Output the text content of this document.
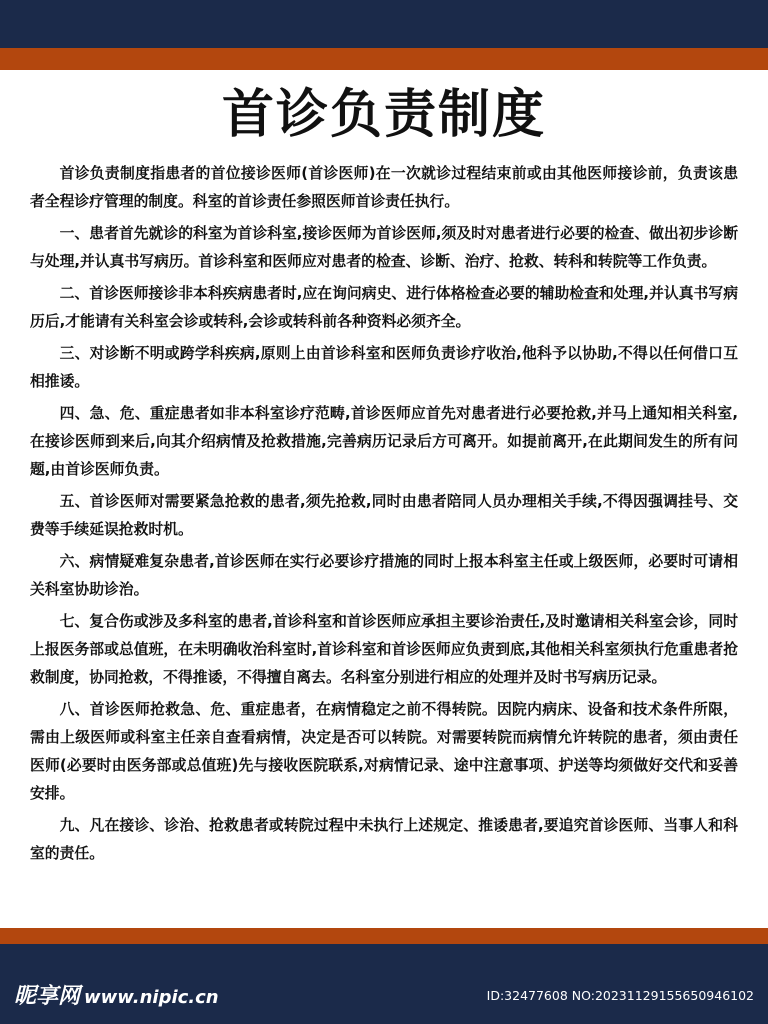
首诊负责制度

首诊负责制度指患者的首位接诊医师(首诊医师)在一次就诊过程结束前或由其他医师接诊前，负责该患者全程诊疗管理的制度。科室的首诊责任参照医师首诊责任执行。

一、患者首先就诊的科室为首诊科室,接诊医师为首诊医师,须及时对患者进行必要的检查、做出初步诊断与处理,并认真书写病历。首诊科室和医师应对患者的检查、诊断、治疗、抢救、转科和转院等工作负责。

二、首诊医师接诊非本科疾病患者时,应在询问病史、进行体格检查必要的辅助检查和处理,并认真书写病历后,才能请有关科室会诊或转科,会诊或转科前各种资料必须齐全。

三、对诊断不明或跨学科疾病,原则上由首诊科室和医师负责诊疗收治,他科予以协助,不得以任何借口互相推诿。

四、急、危、重症患者如非本科室诊疗范畴,首诊医师应首先对患者进行必要抢救,并马上通知相关科室,在接诊医师到来后,向其介绍病情及抢救措施,完善病历记录后方可离开。如提前离开,在此期间发生的所有问题,由首诊医师负责。

五、首诊医师对需要紧急抢救的患者,须先抢救,同时由患者陪同人员办理相关手续,不得因强调挂号、交费等手续延误抢救时机。

六、病情疑难复杂患者,首诊医师在实行必要诊疗措施的同时上报本科室主任或上级医师，必要时可请相关科室协助诊治。

七、复合伤或涉及多科室的患者,首诊科室和首诊医师应承担主要诊治责任,及时邀请相关科室会诊，同时上报医务部或总值班，在未明确收治科室时,首诊科室和首诊医师应负责到底,其他相关科室须执行危重患者抢救制度，协同抢救，不得推诿，不得擅自离去。名科室分别进行相应的处理并及时书写病历记录。

八、首诊医师抢救急、危、重症患者，在病情稳定之前不得转院。因院内病床、设备和技术条件所限，需由上级医师或科室主任亲自查看病情，决定是否可以转院。对需要转院而病情允许转院的患者，须由责任医师(必要时由医务部或总值班)先与接收医院联系,对病情记录、途中注意事项、护送等均须做好交代和妥善安排。

九、凡在接诊、诊治、抢救患者或转院过程中未执行上述规定、推诿患者,要追究首诊医师、当事人和科室的责任。

昵享网 www.nipic.cn	ID:32477608 NO:20231129155650946102
